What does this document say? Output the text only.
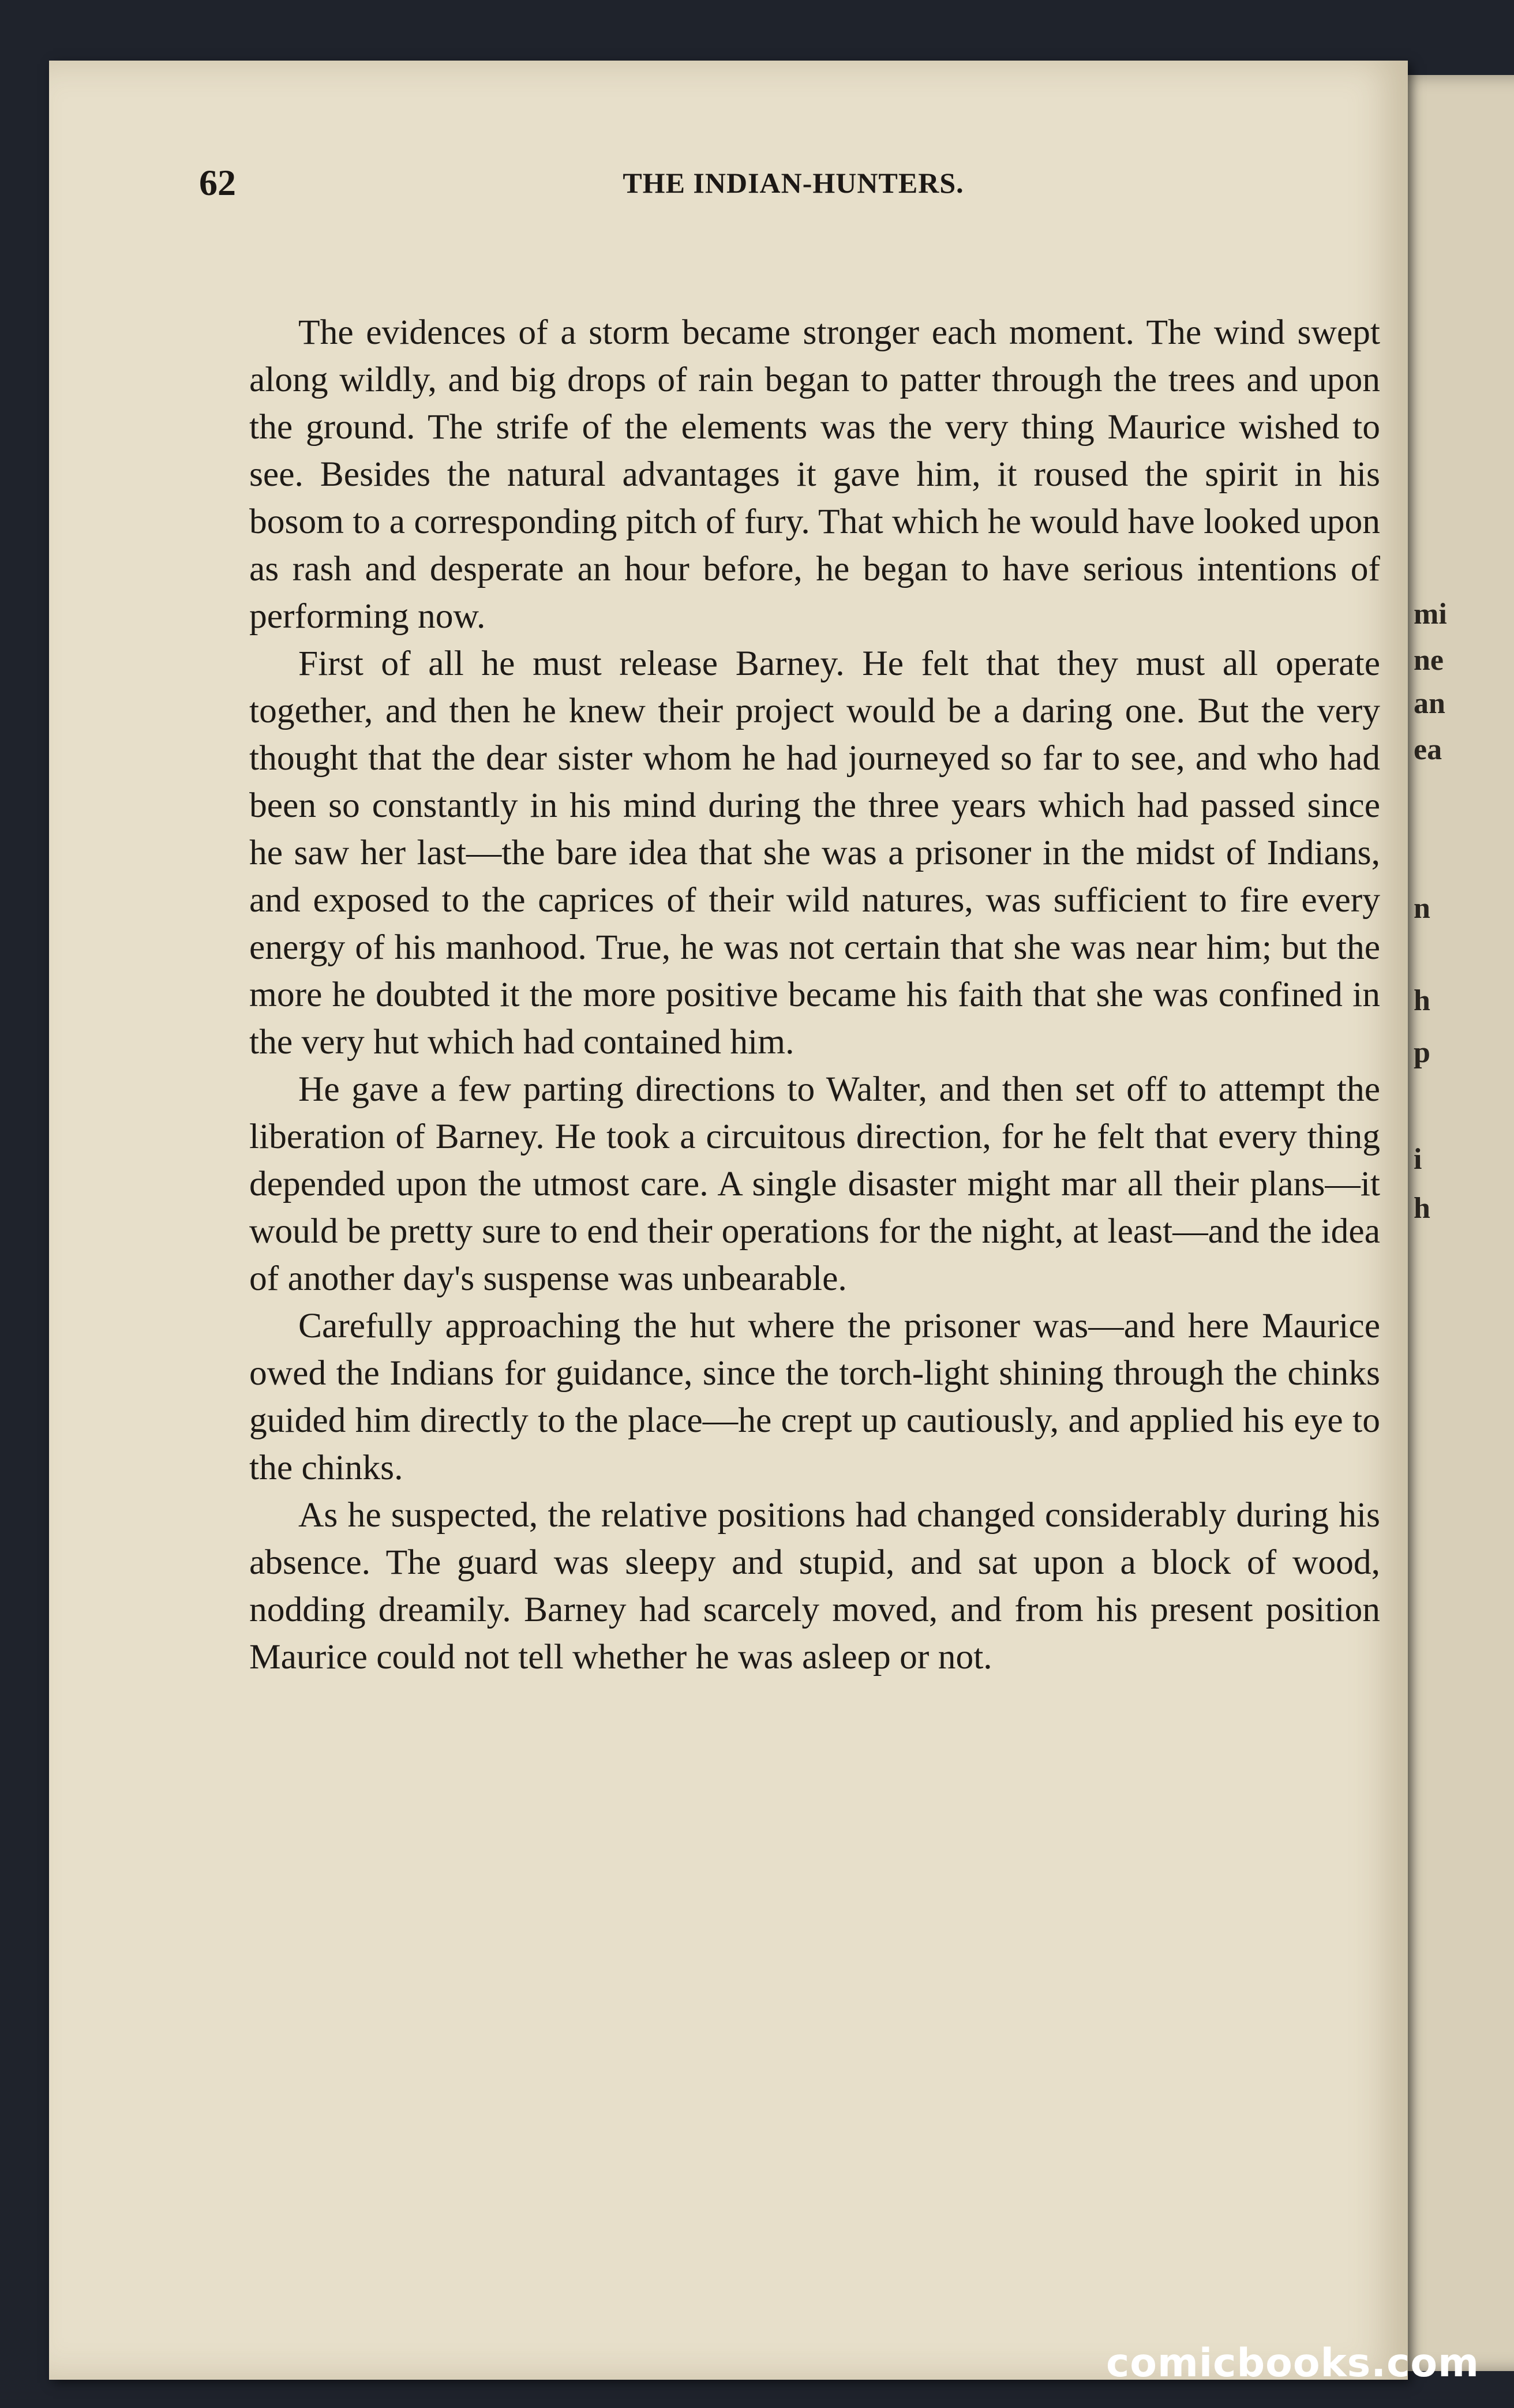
mi
ne
an
ea
n
h
p
i
h
62	THE INDIAN-HUNTERS.

The evidences of a storm became stronger each moment. The wind swept along wildly, and big drops of rain began to patter through the trees and upon the ground. The strife of the elements was the very thing Maurice wished to see. Besides the natural advantages it gave him, it roused the spirit in his bosom to a corresponding pitch of fury. That which he would have looked upon as rash and desperate an hour before, he began to have serious intentions of performing now.

First of all he must release Barney. He felt that they must all operate together, and then he knew their project would be a daring one. But the very thought that the dear sister whom he had journeyed so far to see, and who had been so constantly in his mind during the three years which had passed since he saw her last—the bare idea that she was a prisoner in the midst of Indians, and exposed to the caprices of their wild natures, was sufficient to fire every energy of his manhood. True, he was not certain that she was near him; but the more he doubted it the more positive became his faith that she was confined in the very hut which had contained him.

He gave a few parting directions to Walter, and then set off to attempt the liberation of Barney. He took a circuitous direction, for he felt that every thing depended upon the utmost care. A single disaster might mar all their plans—it would be pretty sure to end their operations for the night, at least—and the idea of another day's suspense was unbearable.

Carefully approaching the hut where the prisoner was—and here Maurice owed the Indians for guidance, since the torch-light shining through the chinks guided him directly to the place—he crept up cautiously, and applied his eye to the chinks.

As he suspected, the relative positions had changed considerably during his absence. The guard was sleepy and stupid, and sat upon a block of wood, nodding dreamily. Barney had scarcely moved, and from his present position Maurice could not tell whether he was asleep or not.

comicbooks.com
